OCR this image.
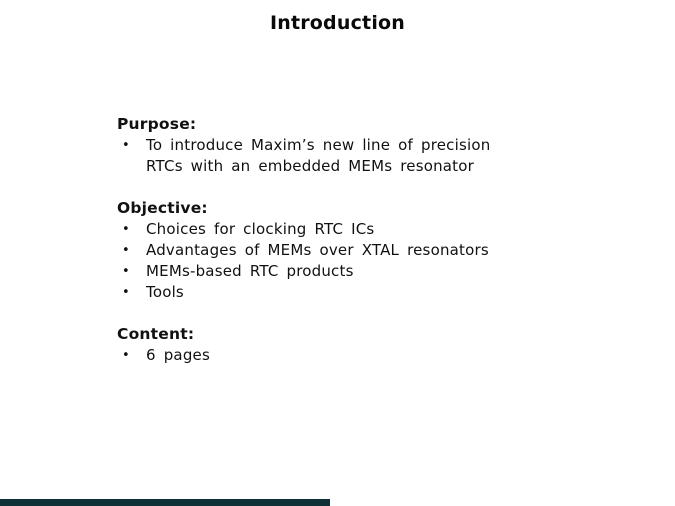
Introduction
Purpose:
•	To introduce Maxim’s new line of precision RTCs with an embedded MEMs resonator
Objective:
•	Choices for clocking RTC ICs
•	Advantages of MEMs over XTAL resonators
•	MEMs-based RTC products
•	Tools
Content:
•	6 pages
